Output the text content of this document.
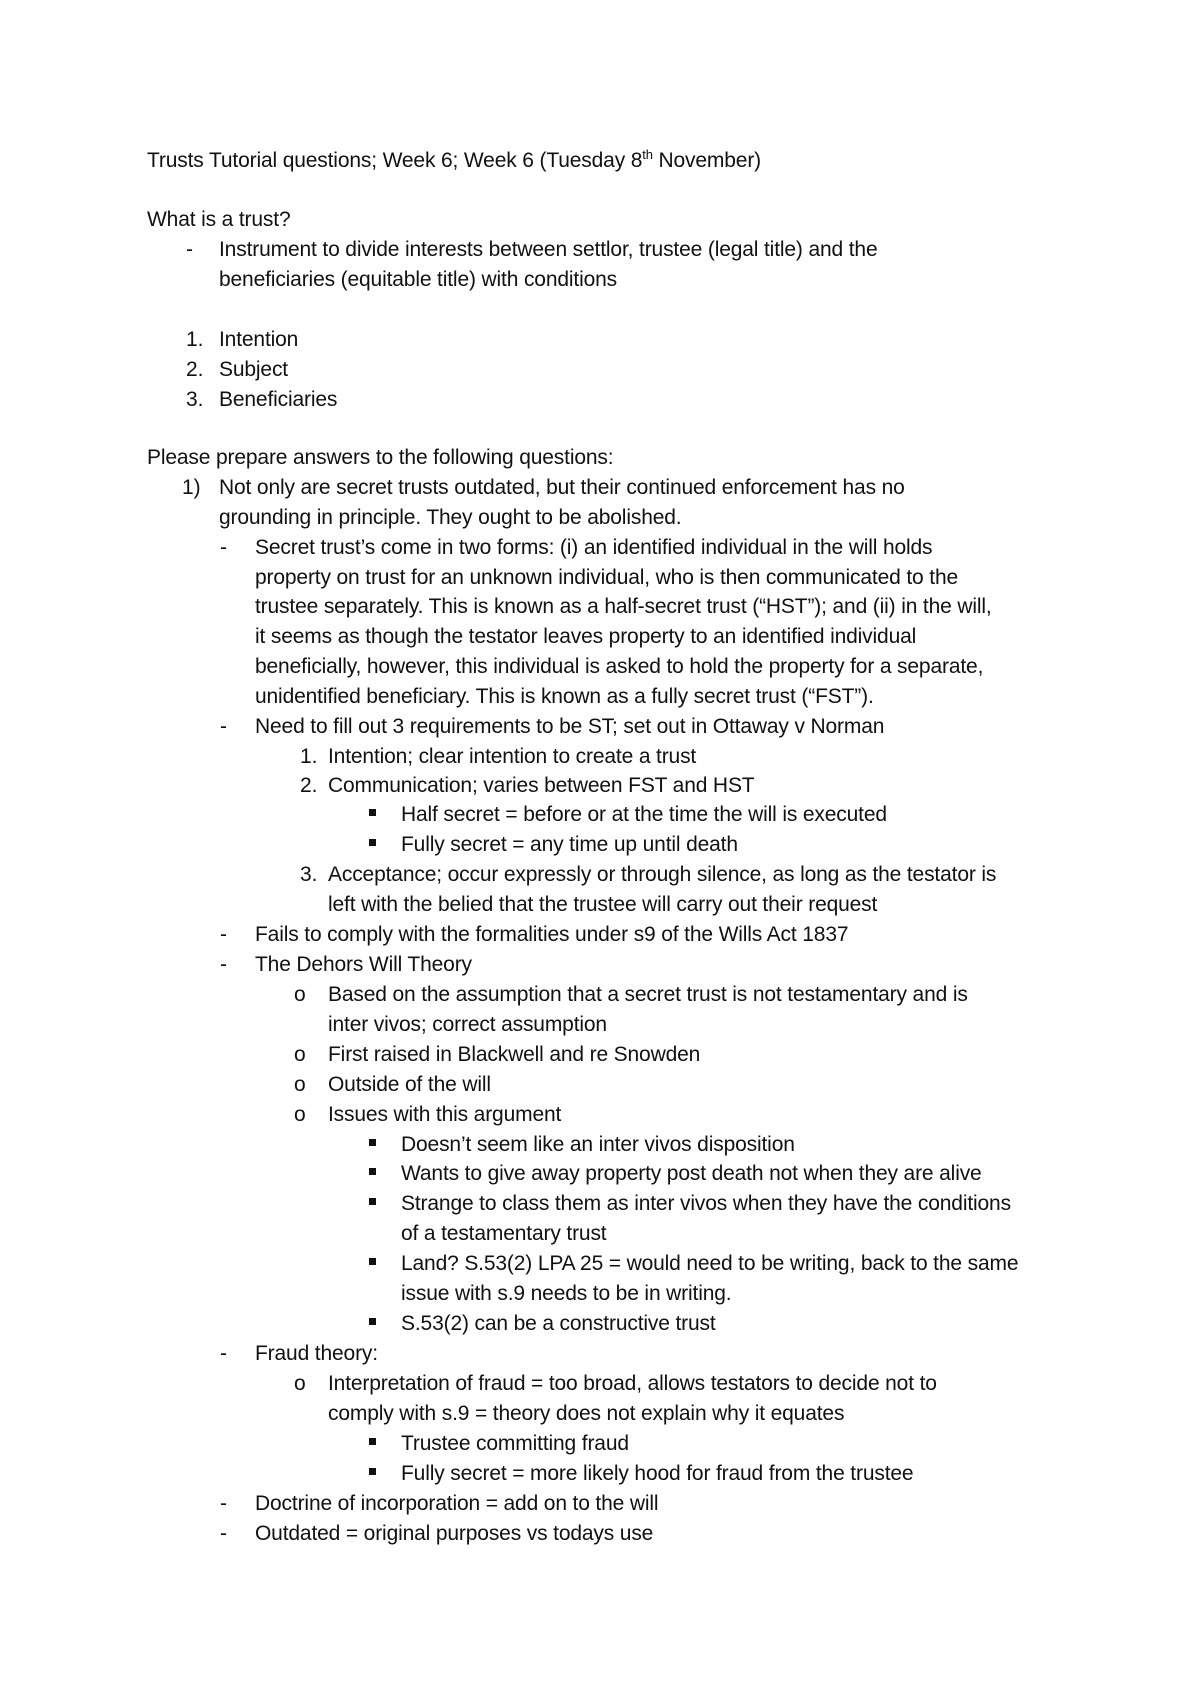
Trusts Tutorial questions; Week 6; Week 6 (Tuesday 8th November)
What is a trust?
- Instrument to divide interests between settlor, trustee (legal title) and the
beneficiaries (equitable title) with conditions
1. Intention
2. Subject
3. Beneficiaries
Please prepare answers to the following questions:
1) Not only are secret trusts outdated, but their continued enforcement has no
grounding in principle. They ought to be abolished.
- Secret trust’s come in two forms: (i) an identified individual in the will holds
property on trust for an unknown individual, who is then communicated to the
trustee separately. This is known as a half-secret trust (“HST”); and (ii) in the will,
it seems as though the testator leaves property to an identified individual
beneficially, however, this individual is asked to hold the property for a separate,
unidentified beneficiary. This is known as a fully secret trust (“FST”).
- Need to fill out 3 requirements to be ST; set out in Ottaway v Norman
1. Intention; clear intention to create a trust
2. Communication; varies between FST and HST
Half secret = before or at the time the will is executed
Fully secret = any time up until death
3. Acceptance; occur expressly or through silence, as long as the testator is
left with the belied that the trustee will carry out their request
- Fails to comply with the formalities under s9 of the Wills Act 1837
- The Dehors Will Theory
o Based on the assumption that a secret trust is not testamentary and is
inter vivos; correct assumption
o First raised in Blackwell and re Snowden
o Outside of the will
o Issues with this argument
Doesn’t seem like an inter vivos disposition
Wants to give away property post death not when they are alive
Strange to class them as inter vivos when they have the conditions
of a testamentary trust
Land? S.53(2) LPA 25 = would need to be writing, back to the same
issue with s.9 needs to be in writing.
S.53(2) can be a constructive trust
- Fraud theory:
o Interpretation of fraud = too broad, allows testators to decide not to
comply with s.9 = theory does not explain why it equates
Trustee committing fraud
Fully secret = more likely hood for fraud from the trustee
- Doctrine of incorporation = add on to the will
- Outdated = original purposes vs todays use
